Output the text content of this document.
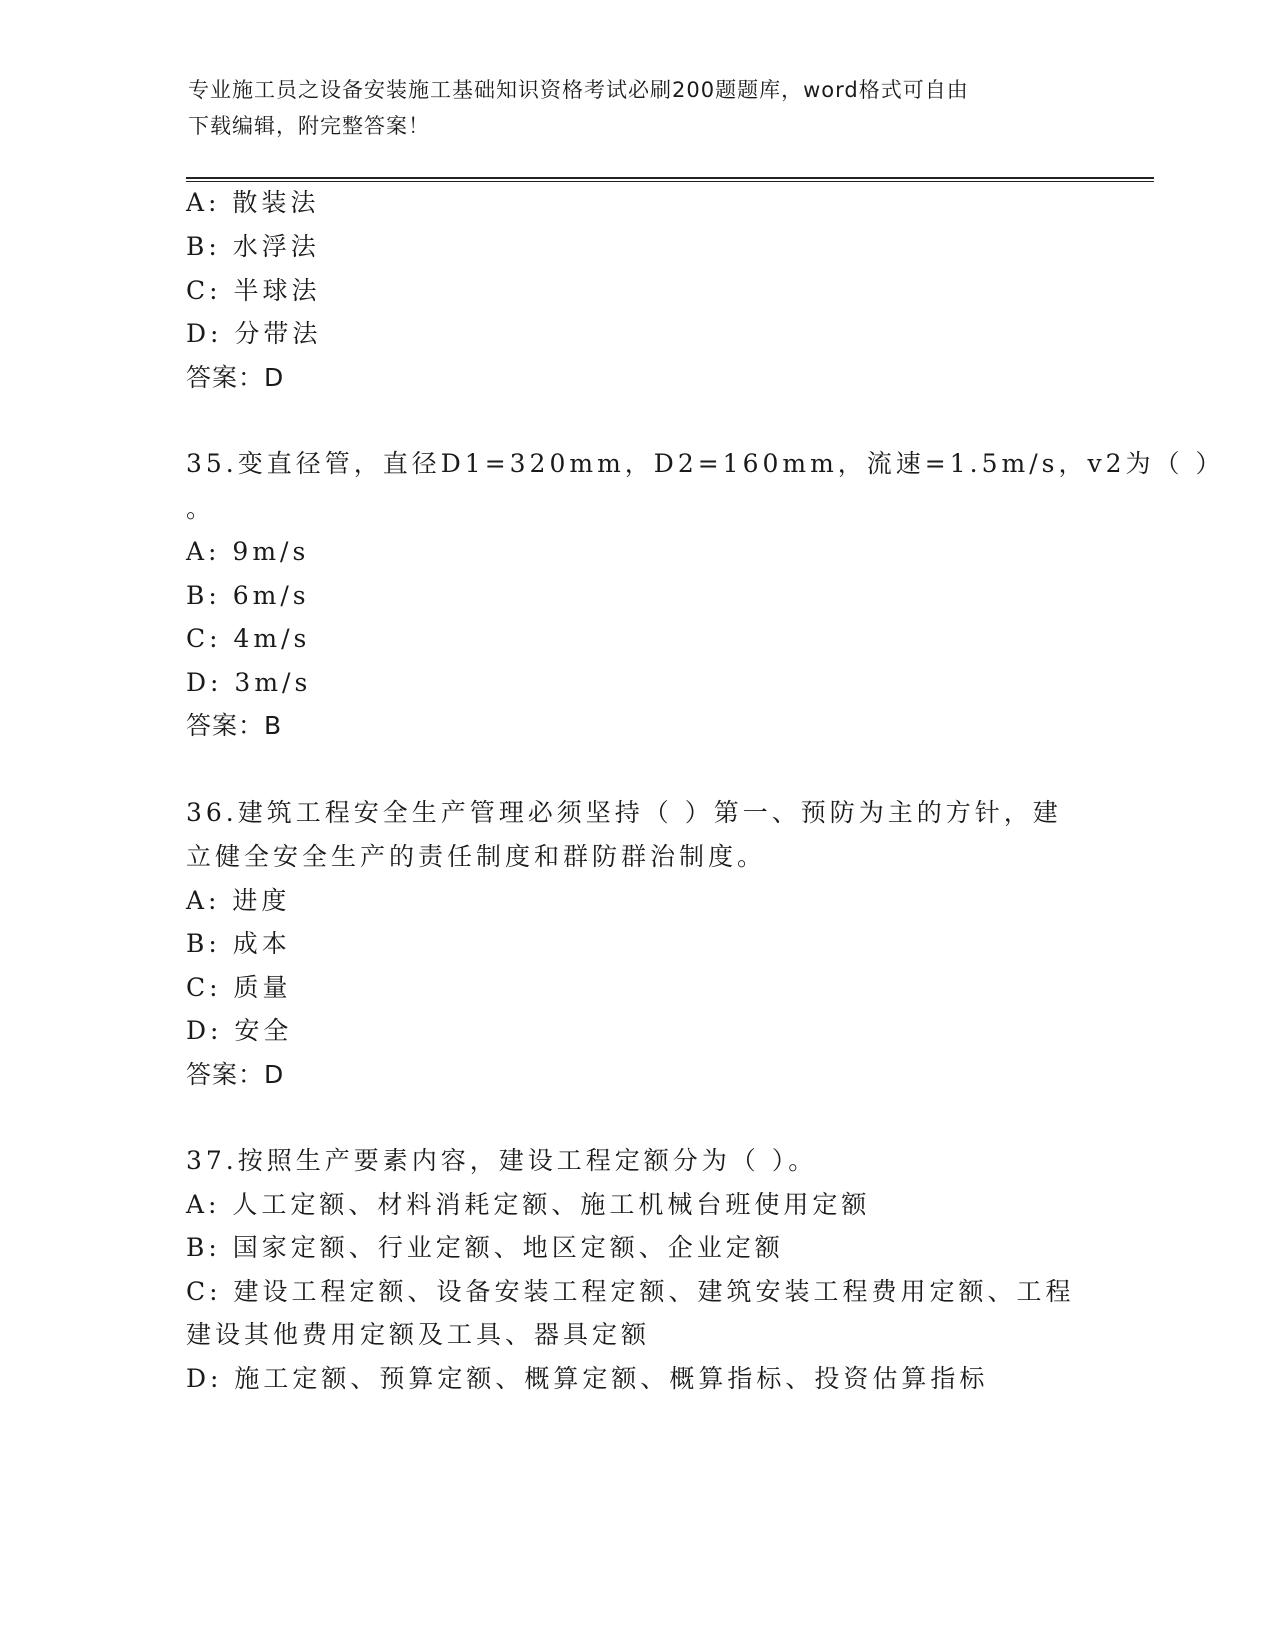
专业施工员之设备安装施工基础知识资格考试必刷200题题库，word格式可自由
下载编辑，附完整答案！
A: 散装法
B: 水浮法
C: 半球法
D: 分带法
答案：D
35.变直径管，直径D1=320mm，D2=160mm，流速=1.5m/s，v2为（ ）
。
A: 9m/s
B: 6m/s
C: 4m/s
D: 3m/s
答案：B
36.建筑工程安全生产管理必须坚持（ ）第一、预防为主的方针，建
立健全安全生产的责任制度和群防群治制度。
A: 进度
B: 成本
C: 质量
D: 安全
答案：D
37.按照生产要素内容，建设工程定额分为（ ）。
A: 人工定额、材料消耗定额、施工机械台班使用定额
B: 国家定额、行业定额、地区定额、企业定额
C: 建设工程定额、设备安装工程定额、建筑安装工程费用定额、工程
建设其他费用定额及工具、器具定额
D: 施工定额、预算定额、概算定额、概算指标、投资估算指标
